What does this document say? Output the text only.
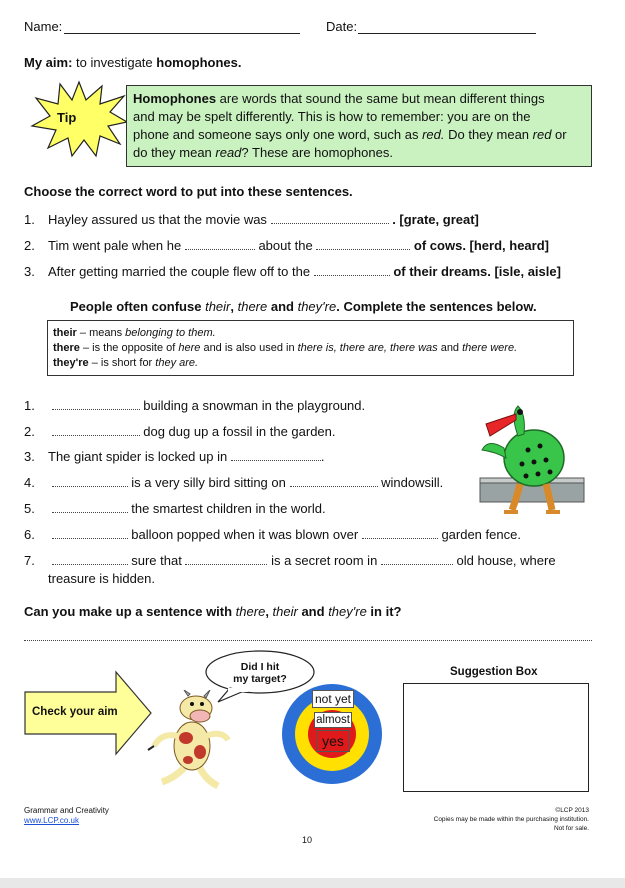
Name:	Date:
My aim: to investigate homophones.
Tip
Homophones are words that sound the same but mean different things
and may be spelt differently. This is how to remember: you are on the
phone and someone says only one word, such as red. Do they mean red or
do they mean read? These are homophones.
Choose the correct word to put into these sentences.
1. Hayley assured us that the movie was	. [grate, great]
2. Tim went pale when he	about the	of cows. [herd, heard]
3. After getting married the couple flew off to the	of their dreams. [isle, aisle]
People often confuse their, there and they're. Complete the sentences below.
their – means belonging to them.
there – is the opposite of here and is also used in there is, there are, there was and there were.
they're – is short for they are.
1.	building a snowman in the playground.
2.	dog dug up a fossil in the garden.
3. The giant spider is locked up in	.
4.	is a very silly bird sitting on	windowsill.
5.	the smartest children in the world.
6.	balloon popped when it was blown over	garden fence.
7.	sure that	is a secret room in	old house, where
treasure is hidden.
Can you make up a sentence with there, their and they're in it?
Did I hit
my target?
Check your aim
not yet
almost
yes
Suggestion Box
Grammar and Creativity
www.LCP.co.uk
10
©LCP 2013
Copies may be made within the purchasing institution.
Not for sale.
